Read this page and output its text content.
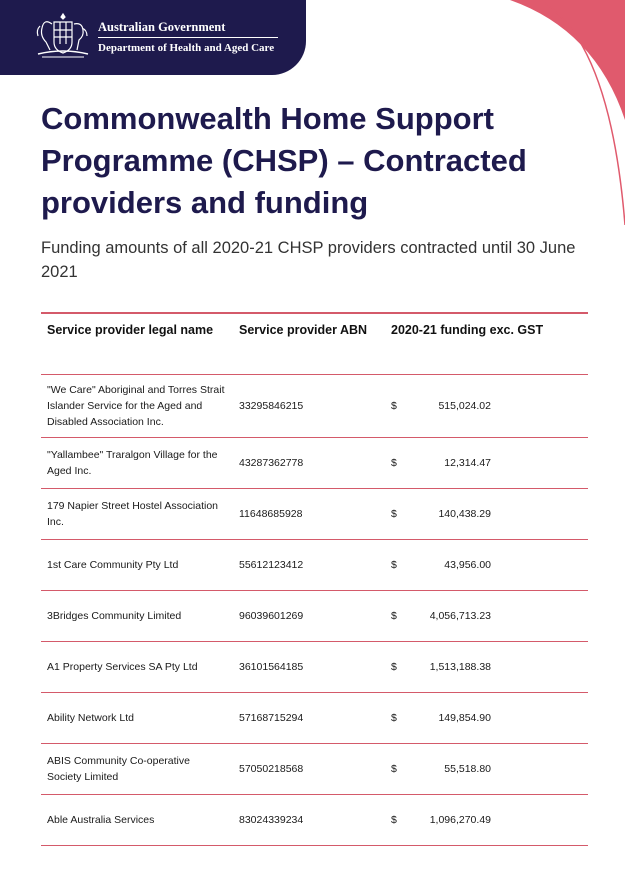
Australian Government
Department of Health and Aged Care
Commonwealth Home Support Programme (CHSP) – Contracted providers and funding

Funding amounts of all 2020-21 CHSP providers contracted until 30 June 2021

Service provider legal name	Service provider ABN	2020-21 funding exc. GST
"We Care" Aboriginal and Torres Strait Islander Service for the Aged and Disabled Association Inc.	33295846215	$ 515,024.02

"Yallambee" Traralgon Village for the Aged Inc.	43287362778	$ 12,314.47

179 Napier Street Hostel Association Inc.	11648685928	$ 140,438.29

1st Care Community Pty Ltd	55612123412	$ 43,956.00

3Bridges Community Limited	96039601269	$ 4,056,713.23

A1 Property Services SA Pty Ltd	36101564185	$ 1,513,188.38

Ability Network Ltd	57168715294	$ 149,854.90

ABIS Community Co-operative Society Limited	57050218568	$ 55,518.80

Able Australia Services	83024339234	$ 1,096,270.49
